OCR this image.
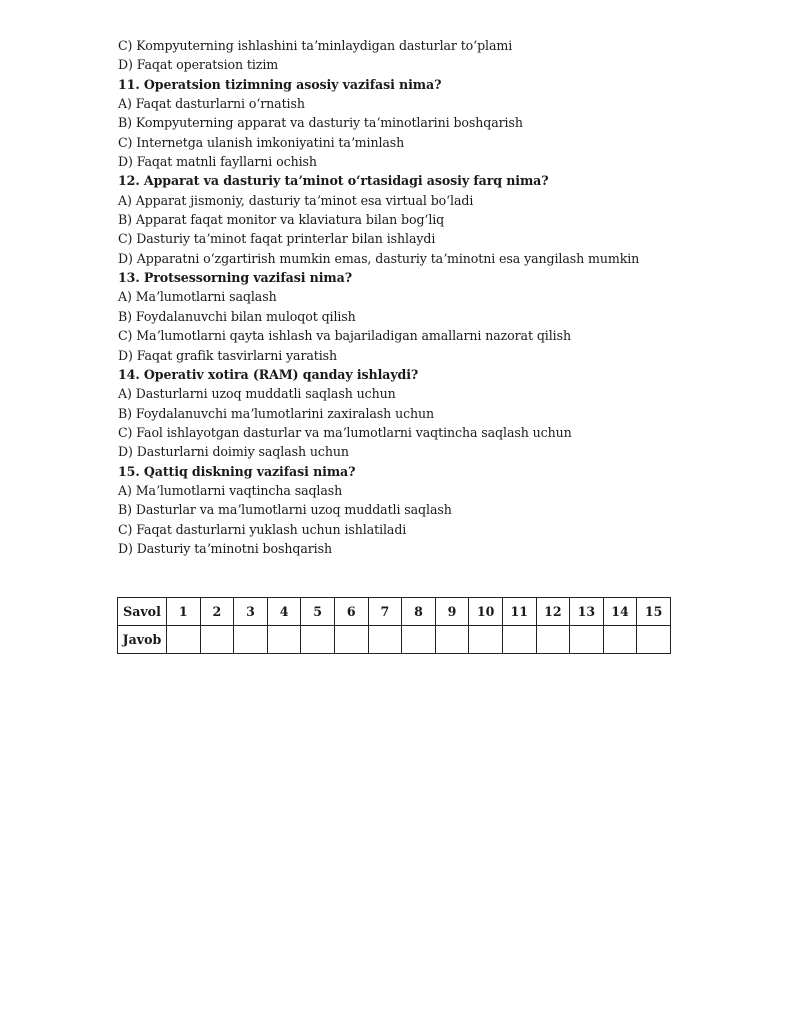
C) Kompyuterning ishlashini taʼminlaydigan dasturlar toʻplami
D) Faqat operatsion tizim
11. Operatsion tizimning asosiy vazifasi nima?
A) Faqat dasturlarni oʻrnatish
B) Kompyuterning apparat va dasturiy taʼminotlarini boshqarish
C) Internetga ulanish imkoniyatini taʼminlash
D) Faqat matnli fayllarni ochish
12. Apparat va dasturiy taʼminot oʻrtasidagi asosiy farq nima?
A) Apparat jismoniy, dasturiy taʼminot esa virtual boʻladi
B) Apparat faqat monitor va klaviatura bilan bogʻliq
C) Dasturiy taʼminot faqat printerlar bilan ishlaydi
D) Apparatni oʻzgartirish mumkin emas, dasturiy taʼminotni esa yangilash mumkin
13. Protsessorning vazifasi nima?
A) Maʼlumotlarni saqlash
B) Foydalanuvchi bilan muloqot qilish
C) Maʼlumotlarni qayta ishlash va bajariladigan amallarni nazorat qilish
D) Faqat grafik tasvirlarni yaratish
14. Operativ xotira (RAM) qanday ishlaydi?
A) Dasturlarni uzoq muddatli saqlash uchun
B) Foydalanuvchi maʼlumotlarini zaxiralash uchun
C) Faol ishlayotgan dasturlar va maʼlumotlarni vaqtincha saqlash uchun
D) Dasturlarni doimiy saqlash uchun
15. Qattiq diskning vazifasi nima?
A) Maʼlumotlarni vaqtincha saqlash
B) Dasturlar va maʼlumotlarni uzoq muddatli saqlash
C) Faqat dasturlarni yuklash uchun ishlatiladi
D) Dasturiy taʼminotni boshqarish
Savol	1	2	3	4	5	6	7	8	9	10	11	12	13	14	15
Javob															
